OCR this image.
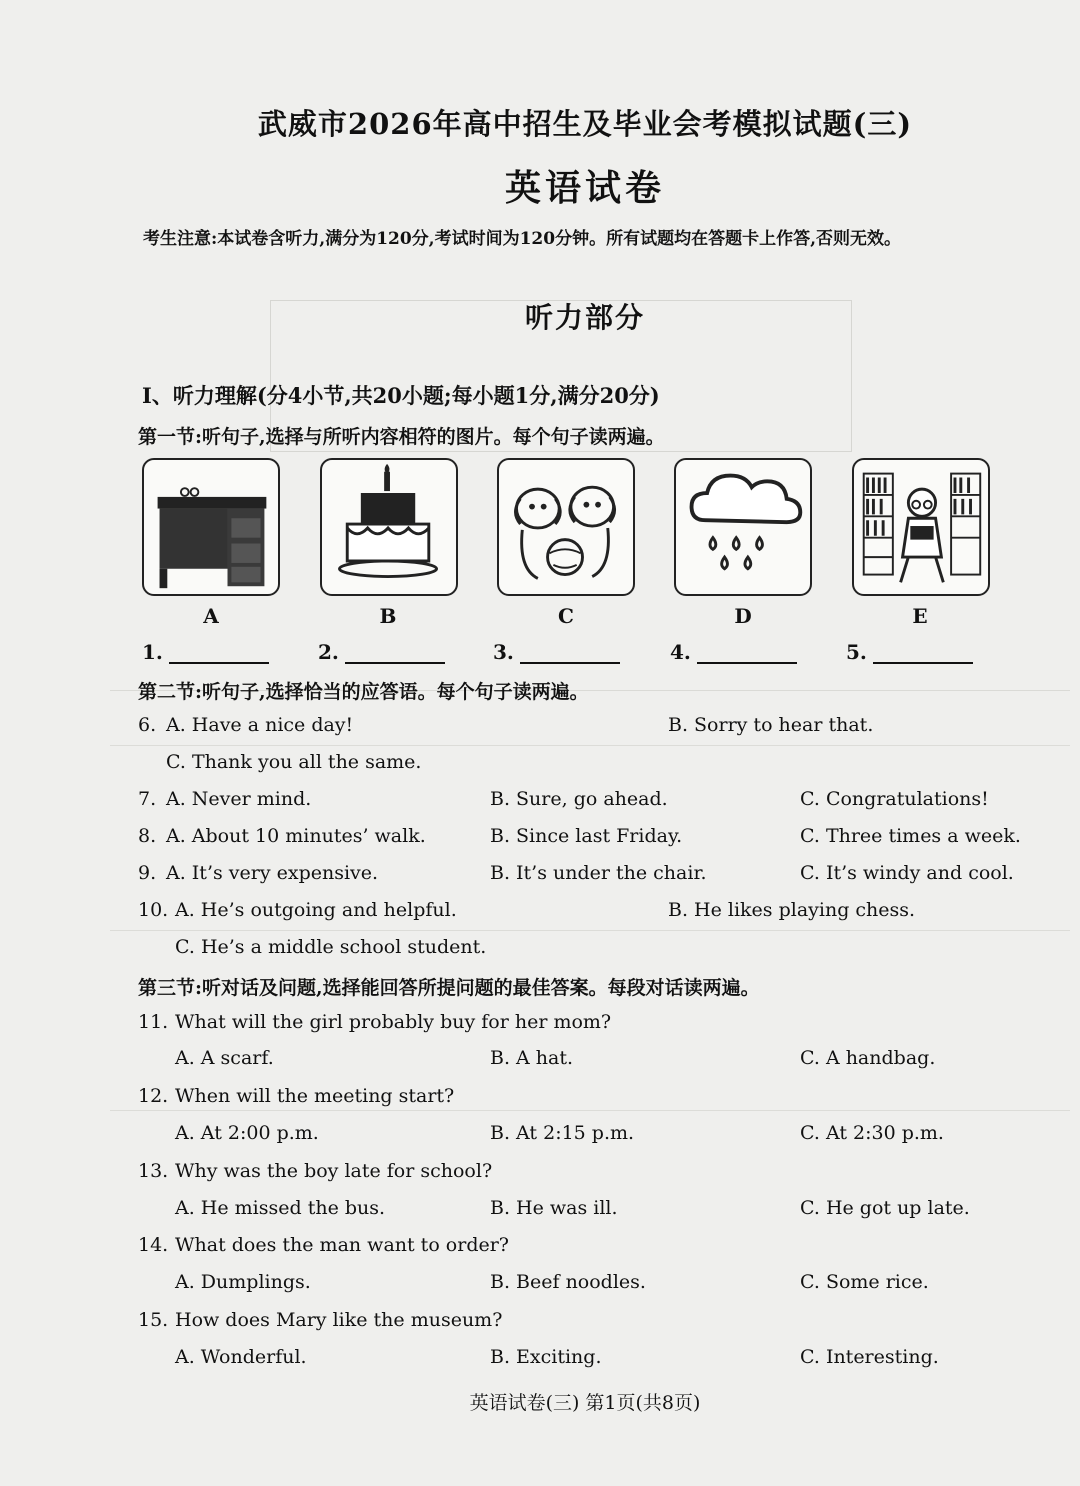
武威市2026年高中招生及毕业会考模拟试题(三)
英语试卷
考生注意:本试卷含听力,满分为120分,考试时间为120分钟。所有试题均在答题卡上作答,否则无效。
听力部分
Ⅰ、听力理解(分4小节,共20小题;每小题1分,满分20分)
第一节:听句子,选择与所听内容相符的图片。每个句子读两遍。
A	B	C	D	E
1.	2.	3.	4.	5.
第二节:听句子,选择恰当的应答语。每个句子读两遍。
6. A. Have a nice day!	B. Sorry to hear that.
C. Thank you all the same.
7. A. Never mind.	B. Sure, go ahead.	C. Congratulations!
8. A. About 10 minutes’ walk.	B. Since last Friday.	C. Three times a week.
9. A. It’s very expensive.	B. It’s under the chair.	C. It’s windy and cool.
10. A. He’s outgoing and helpful.	B. He likes playing chess.
C. He’s a middle school student.
第三节:听对话及问题,选择能回答所提问题的最佳答案。每段对话读两遍。
11. What will the girl probably buy for her mom?
A. A scarf.	B. A hat.	C. A handbag.
12. When will the meeting start?
A. At 2:00 p.m.	B. At 2:15 p.m.	C. At 2:30 p.m.
13. Why was the boy late for school?
A. He missed the bus.	B. He was ill.	C. He got up late.
14. What does the man want to order?
A. Dumplings.	B. Beef noodles.	C. Some rice.
15. How does Mary like the museum?
A. Wonderful.	B. Exciting.	C. Interesting.
英语试卷(三) 第1页(共8页)
